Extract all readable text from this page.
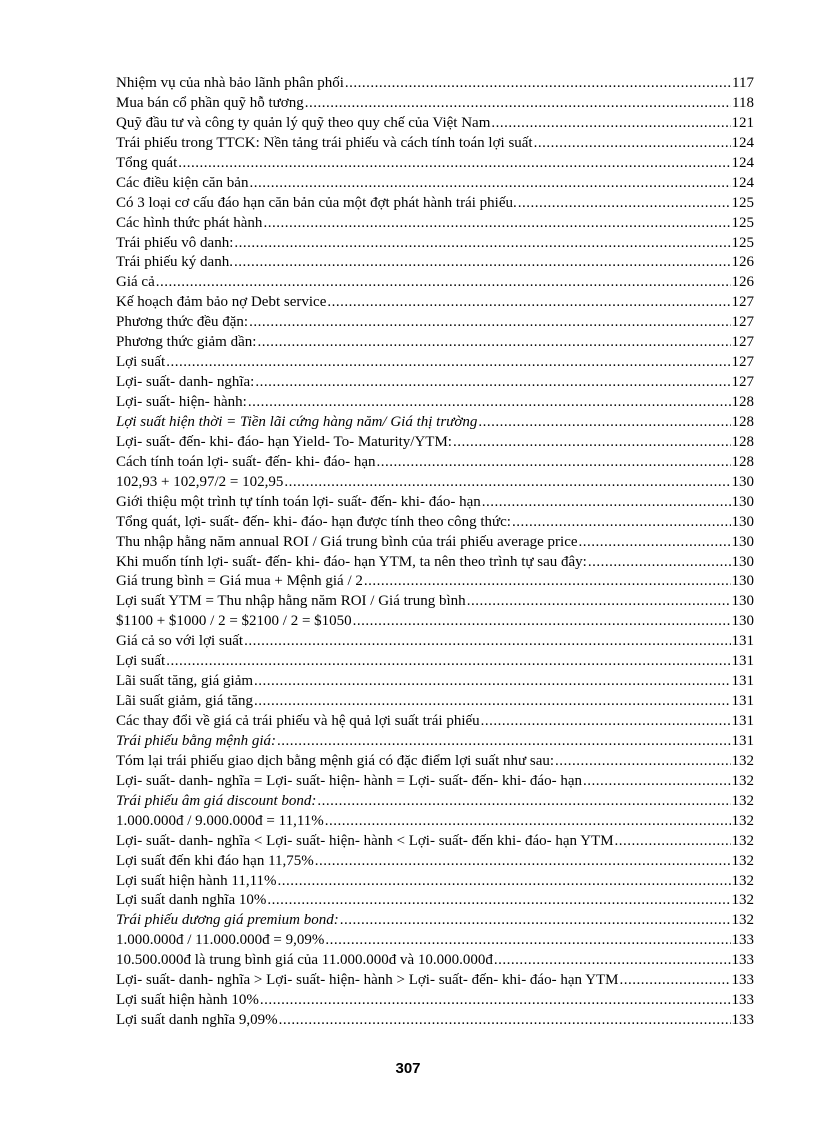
Nhiệm vụ của nhà bảo lãnh phân phối .....	117
Mua bán cổ phần quỹ hỗ tương .....	118
Quỹ đầu tư và công ty quản lý quỹ theo quy chế của Việt Nam .....	121
Trái phiếu trong TTCK: Nền tảng trái phiếu và cách tính toán lợi suất .....	124
Tổng quát .....	124
Các điều kiện căn bản .....	124
Có 3 loại cơ cấu đáo hạn căn bản của một đợt phát hành trái phiếu. .....	125
Các hình thức phát hành .....	125
Trái phiếu vô danh: .....	125
Trái phiếu ký danh. .....	126
Giá cả .....	126
Kế hoạch đảm bảo nợ Debt service .....	127
Phương thức đều đặn: .....	127
Phương thức giảm dần: .....	127
Lợi suất .....	127
Lợi- suất- danh- nghĩa: .....	127
Lợi- suất- hiện- hành: .....	128
Lợi suất hiện thời = Tiền lãi cứng hàng năm/ Giá thị trường .....	128
Lợi- suất- đến- khi- đáo- hạn Yield- To- Maturity/YTM: .....	128
Cách tính toán lợi- suất- đến- khi- đáo- hạn .....	128
102,93 + 102,97/2 = 102,95 .....	130
Giới thiệu một trình tự tính toán lợi- suất- đến- khi- đáo- hạn .....	130
Tổng quát, lợi- suất- đến- khi- đáo- hạn được tính theo công thức: .....	130
Thu nhập hằng năm annual ROI / Giá trung bình của trái phiếu average price .....	130
Khi muốn tính lợi- suất- đến- khi- đáo- hạn YTM, ta nên theo trình tự sau đây: .....	130
Giá trung bình = Giá mua + Mệnh giá / 2 .....	130
Lợi suất YTM = Thu nhập hằng năm ROI / Giá trung bình .....	130
$1100 + $1000 / 2 = $2100 / 2 = $1050 .....	130
Giá cả so với lợi suất .....	131
Lợi suất .....	131
Lãi suất tăng, giá giảm .....	131
Lãi suất giảm, giá tăng .....	131
Các thay đổi về giá cả trái phiếu và hệ quả lợi suất trái phiếu .....	131
Trái phiếu bằng mệnh giá: .....	131
Tóm lại trái phiếu giao dịch bằng mệnh giá có đặc điểm lợi suất như sau: .....	132
Lợi- suất- danh- nghĩa = Lợi- suất- hiện- hành = Lợi- suất- đến- khi- đáo- hạn .....	132
Trái phiếu âm giá discount bond: .....	132
1.000.000đ / 9.000.000đ = 11,11% .....	132
Lợi- suất- danh- nghĩa < Lợi- suất- hiện- hành < Lợi- suất- đến khi- đáo- hạn YTM .....	132
Lợi suất đến khi đáo hạn 11,75% .....	132
Lợi suất hiện hành 11,11% .....	132
Lợi suất danh nghĩa 10% .....	132
Trái phiếu dương giá premium bond: .....	132
1.000.000đ / 11.000.000đ = 9,09% .....	133
10.500.000đ là trung bình giá của 11.000.000đ và 10.000.000đ .....	133
Lợi- suất- danh- nghĩa > Lợi- suất- hiện- hành > Lợi- suất- đến- khi- đáo- hạn YTM .....	133
Lợi suất hiện hành 10% .....	133
Lợi suất danh nghĩa 9,09% .....	133
307
